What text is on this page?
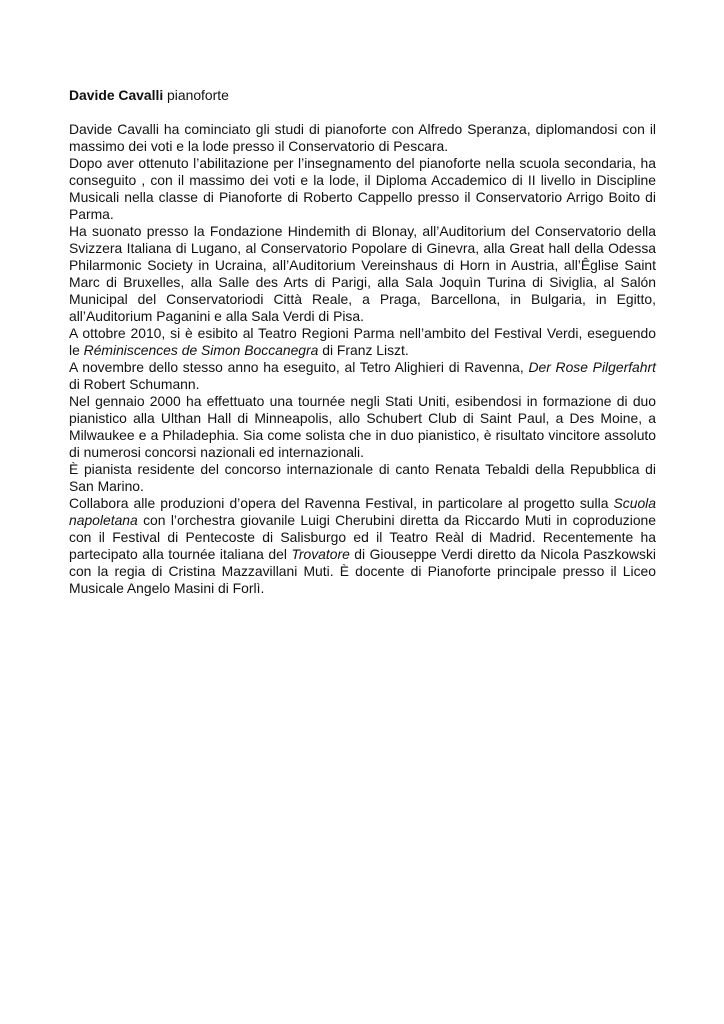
Davide Cavalli pianoforte

Davide Cavalli ha cominciato gli studi di pianoforte con Alfredo Speranza, diplomandosi con il massimo dei voti e la lode presso il Conservatorio di Pescara.

Dopo aver ottenuto l’abilitazione per l’insegnamento del pianoforte nella scuola secondaria, ha conseguito , con il massimo dei voti e la lode, il Diploma Accademico di II livello in Discipline Musicali nella classe di Pianoforte di Roberto Cappello presso il Conservatorio Arrigo Boito di Parma.

Ha suonato presso la Fondazione Hindemith di Blonay, all’Auditorium del Conservatorio della Svizzera Italiana di Lugano, al Conservatorio Popolare di Ginevra, alla Great hall della Odessa Philarmonic Society in Ucraina, all’Auditorium Vereinshaus di Horn in Austria, all’Êglise Saint Marc di Bruxelles, alla Salle des Arts di Parigi, alla Sala Joquìn Turina di Siviglia, al Salón Municipal del Conservatoriodi Città Reale, a Praga, Barcellona, in Bulgaria, in Egitto, all’Auditorium Paganini e alla Sala Verdi di Pisa.

A ottobre 2010, si è esibito al Teatro Regioni Parma nell’ambito del Festival Verdi, eseguendo le Réminiscences de Simon Boccanegra di Franz Liszt.

A novembre dello stesso anno ha eseguito, al Tetro Alighieri di Ravenna, Der Rose Pilgerfahrt di Robert Schumann.

Nel gennaio 2000 ha effettuato una tournée negli Stati Uniti, esibendosi in formazione di duo pianistico alla Ulthan Hall di Minneapolis, allo Schubert Club di Saint Paul, a Des Moine, a Milwaukee e a Philadephia. Sia come solista che in duo pianistico, è risultato vincitore assoluto di numerosi concorsi nazionali ed internazionali.

È pianista residente del concorso internazionale di canto Renata Tebaldi della Repubblica di San Marino.

Collabora alle produzioni d’opera del Ravenna Festival, in particolare al progetto sulla Scuola napoletana con l’orchestra giovanile Luigi Cherubini diretta da Riccardo Muti in coproduzione con il Festival di Pentecoste di Salisburgo ed il Teatro Reàl di Madrid. Recentemente ha partecipato alla tournée italiana del Trovatore di Giouseppe Verdi diretto da Nicola Paszkowski con la regia di Cristina Mazzavillani Muti. È docente di Pianoforte principale presso il Liceo Musicale Angelo Masini di Forlì.
